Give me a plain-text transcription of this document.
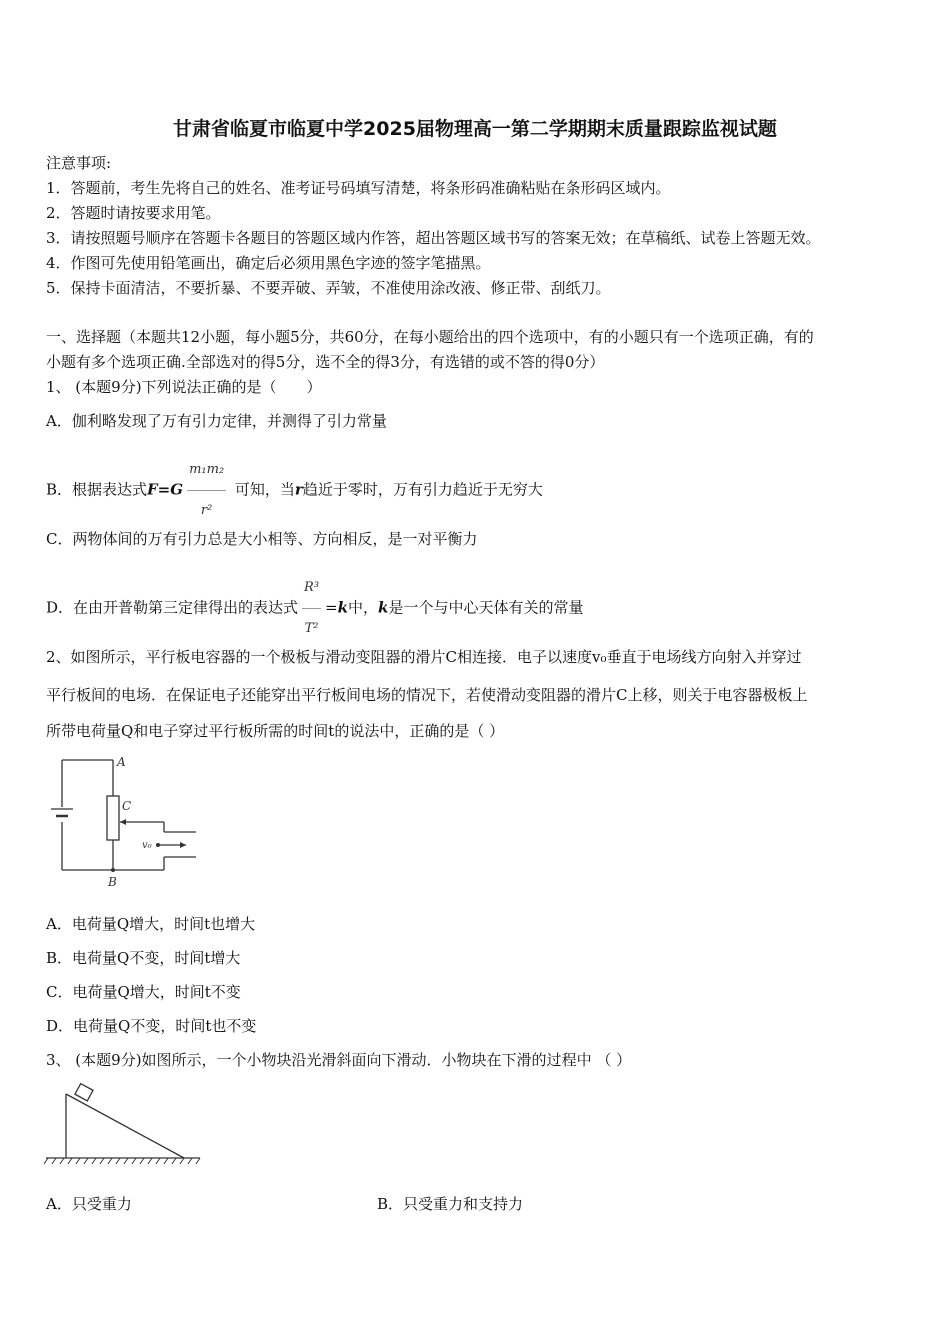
甘肃省临夏市临夏中学2025届物理高一第二学期期末质量跟踪监视试题
注意事项:
1．答题前，考生先将自己的姓名、准考证号码填写清楚，将条形码准确粘贴在条形码区域内。
2．答题时请按要求用笔。
3．请按照题号顺序在答题卡各题目的答题区域内作答，超出答题区域书写的答案无效；在草稿纸、试卷上答题无效。
4．作图可先使用铅笔画出，确定后必须用黑色字迹的签字笔描黑。
5．保持卡面清洁，不要折暴、不要弄破、弄皱，不准使用涂改液、修正带、刮纸刀。
一、选择题（本题共12小题，每小题5分，共60分，在每小题给出的四个选项中，有的小题只有一个选项正确，有的
小题有多个选项正确.全部选对的得5分，选不全的得3分，有选错的或不答的得0分）
1、 (本题9分)下列说法正确的是（　　）
A．伽利略发现了万有引力定律，并测得了引力常量
B．根据表达式$F=G \frac{\text{m₁m₂}}{\text{r²}}$ 可知，当r趋近于零时，万有引力趋近于无穷大
C．两物体间的万有引力总是大小相等、方向相反，是一对平衡力
D．在由开普勒第三定律得出的表达式 $\frac{\text{R³}}{\text{T²}} =k$中，k是一个与中心天体有关的常量
2、如图所示，平行板电容器的一个极板与滑动变阻器的滑片C相连接．电子以速度v₀垂直于电场线方向射入并穿过
平行板间的电场．在保证电子还能穿出平行板间电场的情况下，若使滑动变阻器的滑片C上移，则关于电容器极板上
所带电荷量Q和电子穿过平行板所需的时间t的说法中，正确的是（ ）
A
B
C
v₀
A．电荷量Q增大，时间t也增大
B．电荷量Q不变，时间t增大
C．电荷量Q增大，时间t不变
D．电荷量Q不变，时间t也不变
3、 (本题9分)如图所示，一个小物块沿光滑斜面向下滑动．小物块在下滑的过程中 （ ）
A．只受重力	B．只受重力和支持力
